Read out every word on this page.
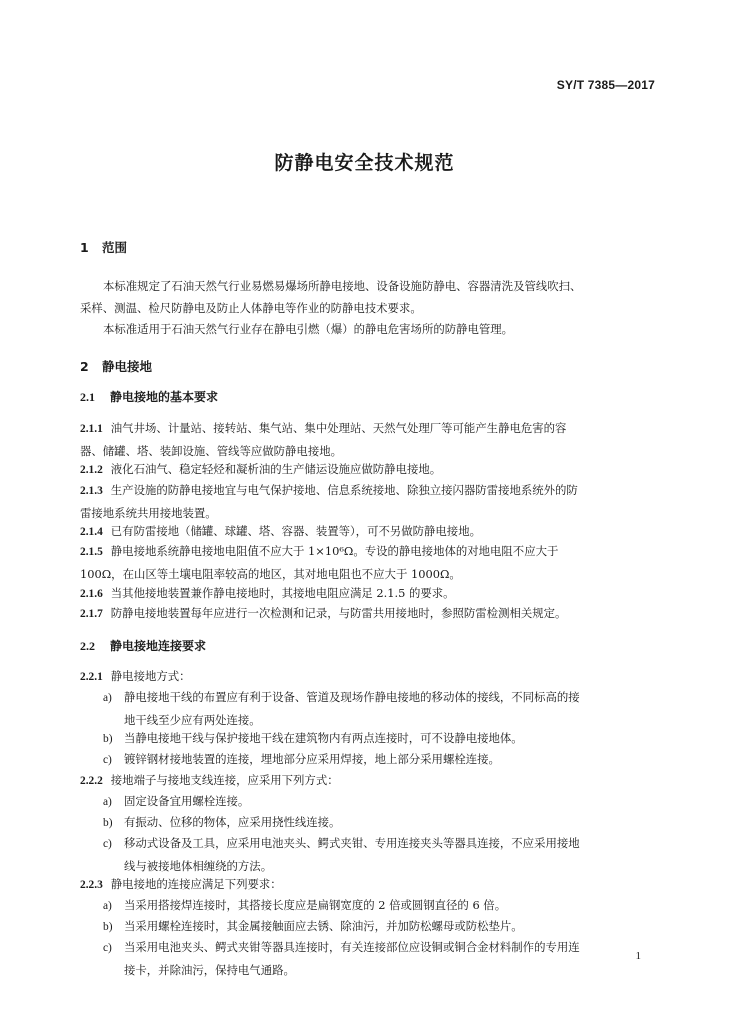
SY/T 7385—2017
防静电安全技术规范
1 范围
本标准规定了石油天然气行业易燃易爆场所静电接地、设备设施防静电、容器清洗及管线吹扫、
采样、测温、检尺防静电及防止人体静电等作业的防静电技术要求。
本标准适用于石油天然气行业存在静电引燃（爆）的静电危害场所的防静电管理。
2 静电接地
2.1 静电接地的基本要求
2.1.1 油气井场、计量站、接转站、集气站、集中处理站、天然气处理厂等可能产生静电危害的容
器、储罐、塔、装卸设施、管线等应做防静电接地。
2.1.2 液化石油气、稳定轻烃和凝析油的生产储运设施应做防静电接地。
2.1.3 生产设施的防静电接地宜与电气保护接地、信息系统接地、除独立接闪器防雷接地系统外的防
雷接地系统共用接地装置。
2.1.4 已有防雷接地（储罐、球罐、塔、容器、装置等），可不另做防静电接地。
2.1.5 静电接地系统静电接地电阻值不应大于 1×10⁶Ω。专设的静电接地体的对地电阻不应大于
100Ω，在山区等土壤电阻率较高的地区，其对地电阻也不应大于 1000Ω。
2.1.6 当其他接地装置兼作静电接地时，其接地电阻应满足 2.1.5 的要求。
2.1.7 防静电接地装置每年应进行一次检测和记录，与防雷共用接地时，参照防雷检测相关规定。
2.2 静电接地连接要求
2.2.1 静电接地方式：
a) 静电接地干线的布置应有利于设备、管道及现场作静电接地的移动体的接线，不同标高的接
地干线至少应有两处连接。
b) 当静电接地干线与保护接地干线在建筑物内有两点连接时，可不设静电接地体。
c) 镀锌钢材接地装置的连接，埋地部分应采用焊接，地上部分采用螺栓连接。
2.2.2 接地端子与接地支线连接，应采用下列方式：
a) 固定设备宜用螺栓连接。
b) 有振动、位移的物体，应采用挠性线连接。
c) 移动式设备及工具，应采用电池夹头、鳄式夹钳、专用连接夹头等器具连接，不应采用接地
线与被接地体相缠绕的方法。
2.2.3 静电接地的连接应满足下列要求：
a) 当采用搭接焊连接时，其搭接长度应是扁钢宽度的 2 倍或圆钢直径的 6 倍。
b) 当采用螺栓连接时，其金属接触面应去锈、除油污，并加防松螺母或防松垫片。
c) 当采用电池夹头、鳄式夹钳等器具连接时，有关连接部位应设铜或铜合金材料制作的专用连
接卡，并除油污，保持电气通路。
1
